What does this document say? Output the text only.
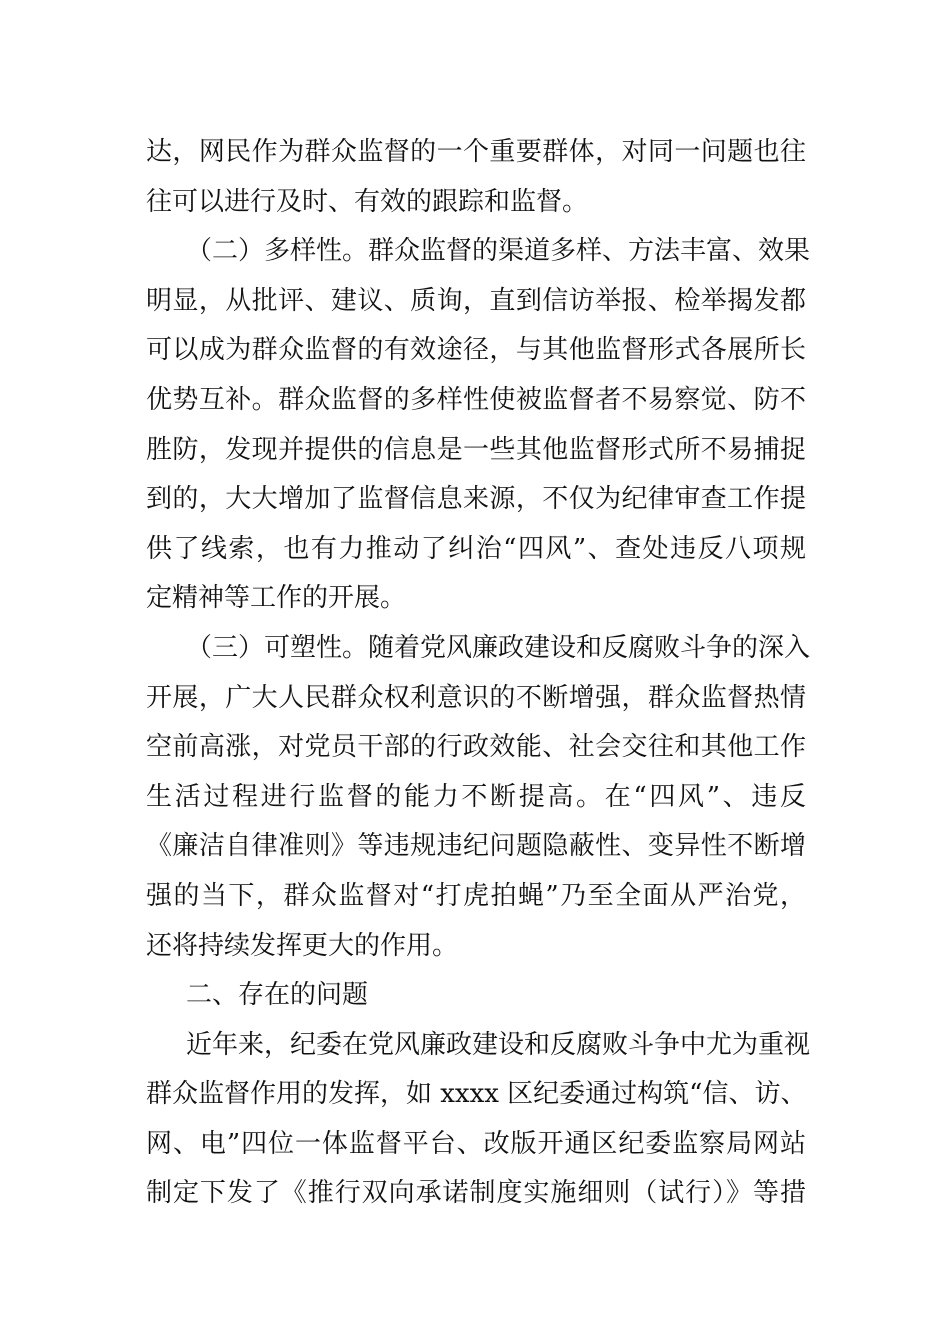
达，网民作为群众监督的一个重要群体，对同一问题也往
往可以进行及时、有效的跟踪和监督。
（二）多样性。群众监督的渠道多样、方法丰富、效果
明显，从批评、建议、质询，直到信访举报、检举揭发都
可以成为群众监督的有效途径，与其他监督形式各展所长
优势互补。群众监督的多样性使被监督者不易察觉、防不
胜防，发现并提供的信息是一些其他监督形式所不易捕捉
到的，大大增加了监督信息来源，不仅为纪律审查工作提
供了线索，也有力推动了纠治“四风”、查处违反八项规
定精神等工作的开展。
（三）可塑性。随着党风廉政建设和反腐败斗争的深入
开展，广大人民群众权利意识的不断增强，群众监督热情
空前高涨，对党员干部的行政效能、社会交往和其他工作
生活过程进行监督的能力不断提高。在“四风”、违反
《廉洁自律准则》等违规违纪问题隐蔽性、变异性不断增
强的当下，群众监督对“打虎拍蝇”乃至全面从严治党，
还将持续发挥更大的作用。
二、存在的问题
近年来，纪委在党风廉政建设和反腐败斗争中尤为重视
群众监督作用的发挥，如 xxxx 区纪委通过构筑“信、访、
网、电”四位一体监督平台、改版开通区纪委监察局网站
制定下发了《推行双向承诺制度实施细则（试行）》等措
